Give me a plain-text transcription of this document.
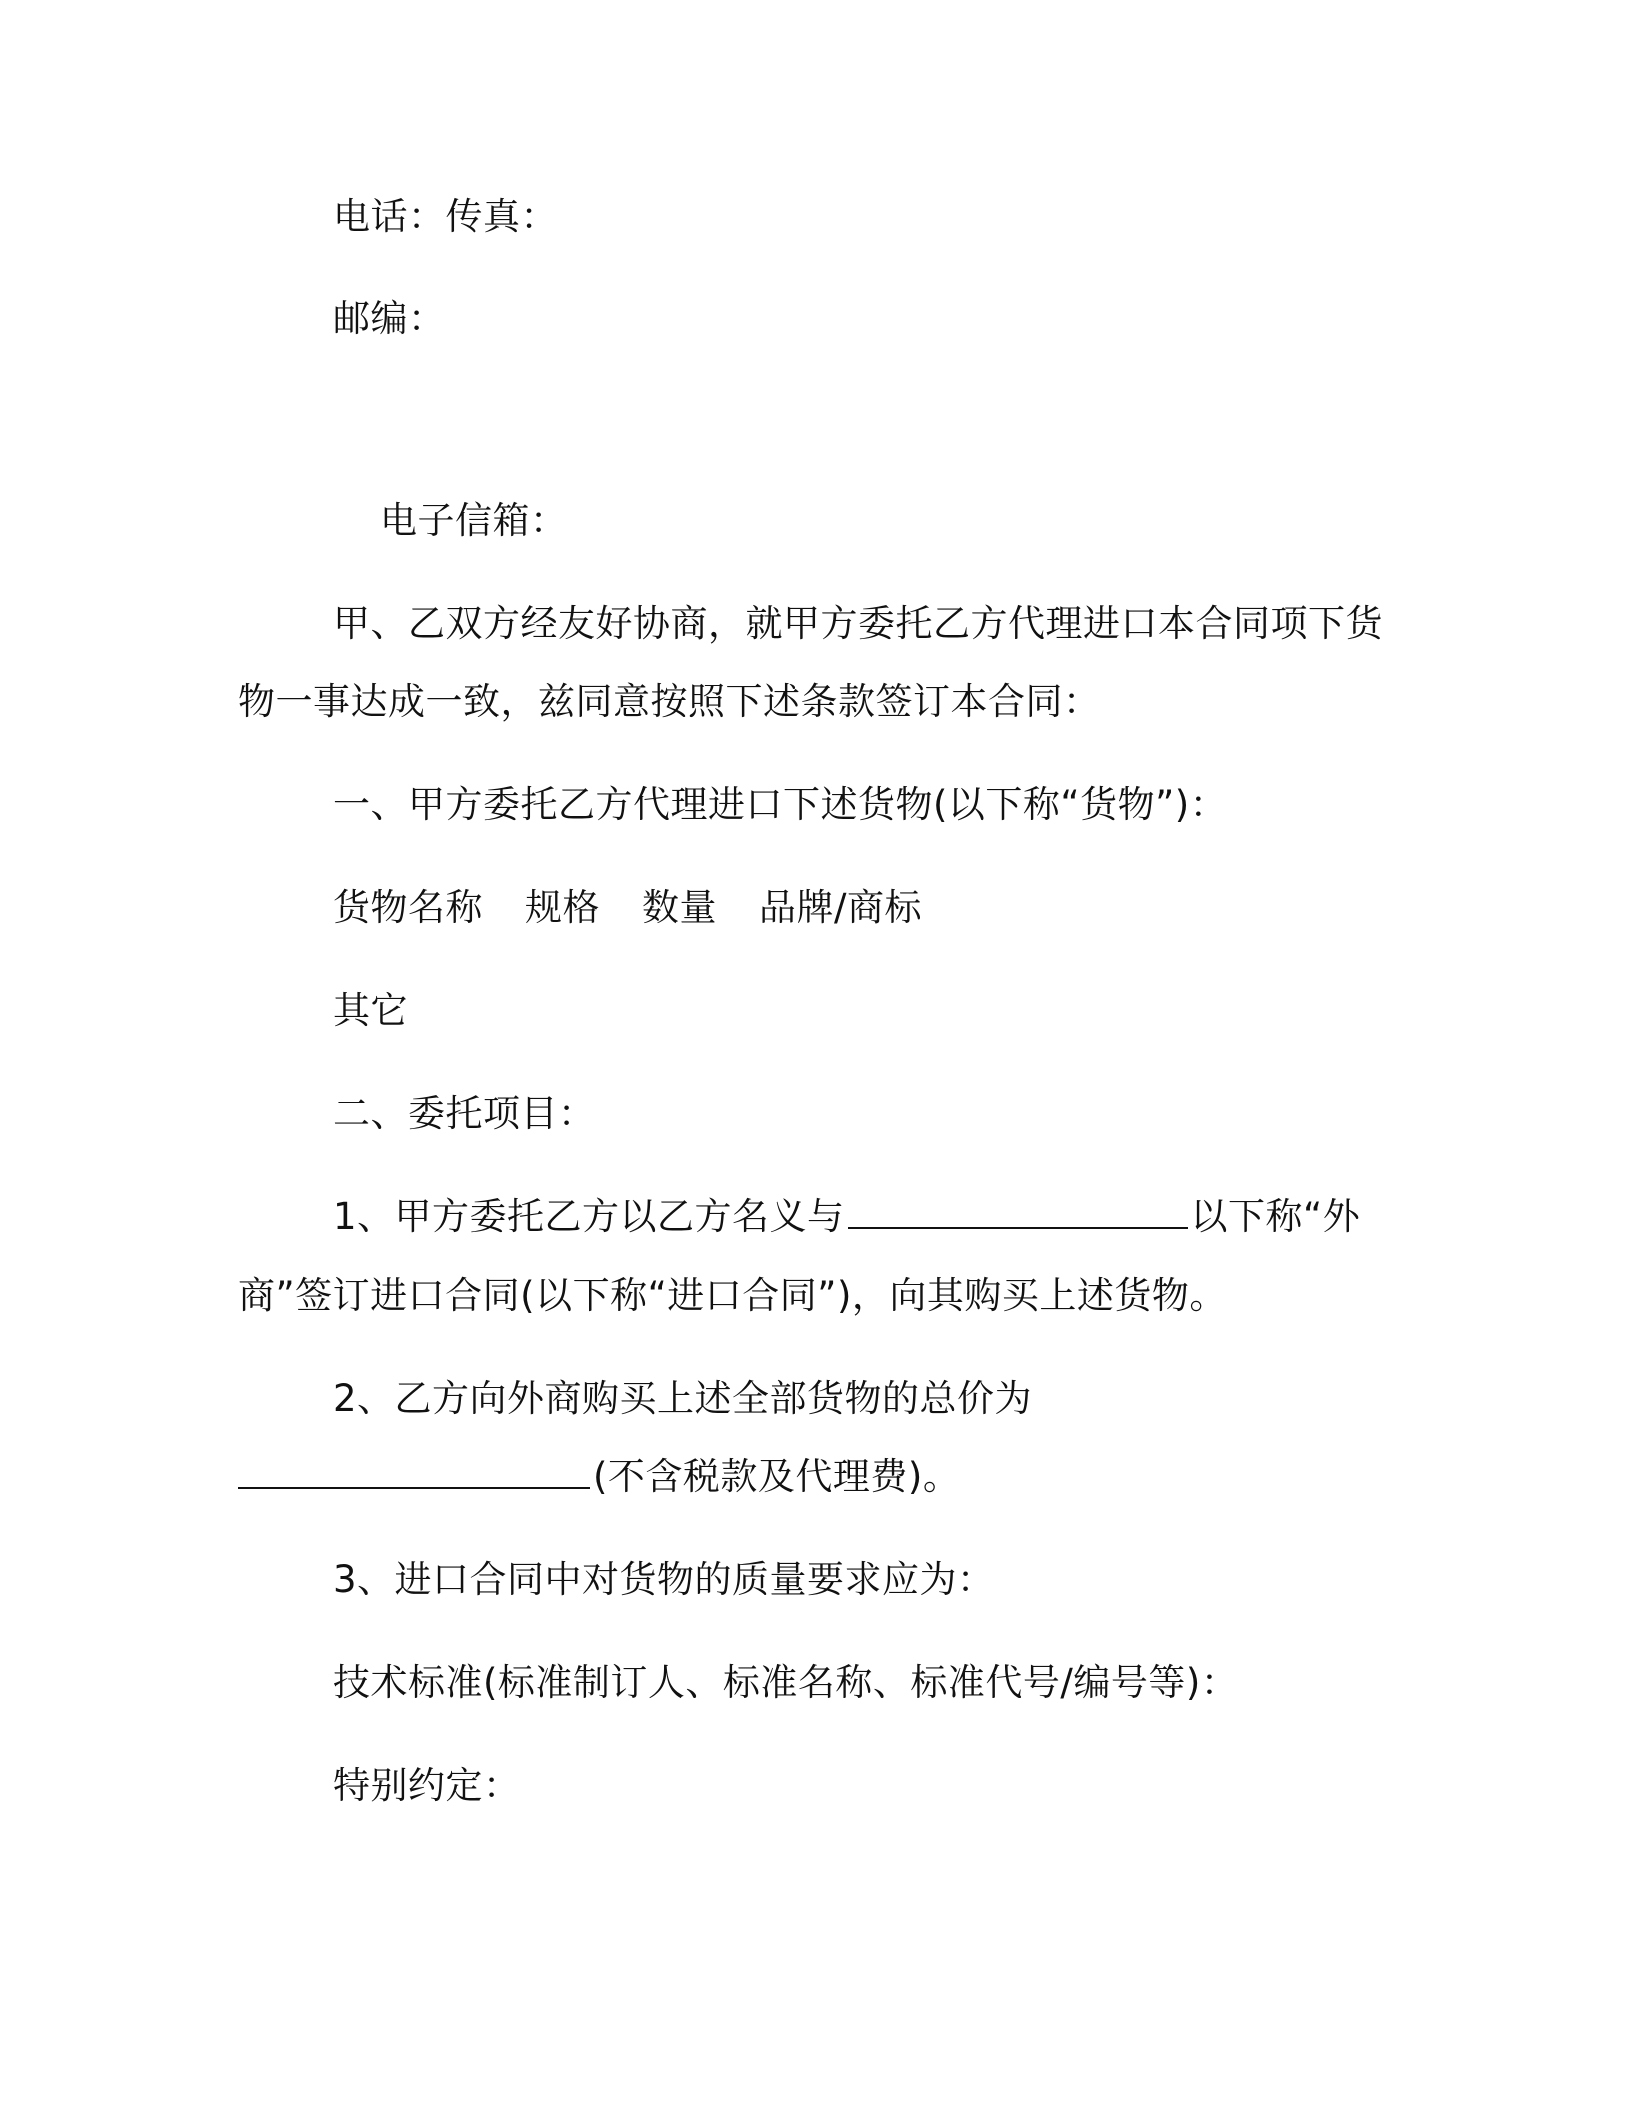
电话：传真：
邮编：
电子信箱：
甲、乙双方经友好协商，就甲方委托乙方代理进口本合同项下货
物一事达成一致，兹同意按照下述条款签订本合同：
一、甲方委托乙方代理进口下述货物(以下称“货物”)：
货物名称 规格 数量 品牌/商标
其它
二、委托项目：
1、甲方委托乙方以乙方名义与	以下称“外
商”签订进口合同(以下称“进口合同”)，向其购买上述货物。
2、乙方向外商购买上述全部货物的总价为
(不含税款及代理费)。
3、进口合同中对货物的质量要求应为：
技术标准(标准制订人、标准名称、标准代号/编号等)：
特别约定：
